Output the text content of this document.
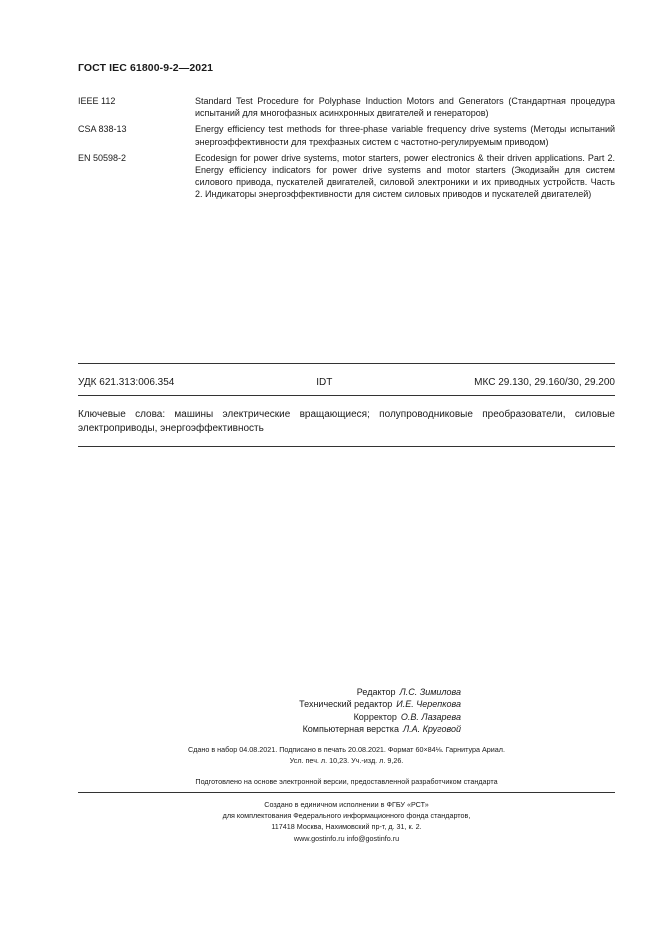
ГОСТ IEC 61800-9-2—2021
IEEE 112	Standard Test Procedure for Polyphase Induction Motors and Generators (Стандартная процедура испытаний для многофазных асинхронных двигателей и генераторов)
CSA 838-13	Energy efficiency test methods for three-phase variable frequency drive systems (Методы испытаний энергоэффективности для трехфазных систем с частотно-регулируемым приводом)
EN 50598-2	Ecodesign for power drive systems, motor starters, power electronics & their driven applications. Part 2. Energy efficiency indicators for power drive systems and motor starters (Экодизайн для систем силового привода, пускателей двигателей, силовой электроники и их приводных устройств. Часть 2. Индикаторы энергоэффективности для систем силовых приводов и пускателей двигателей)
УДК 621.313:006.354	IDT	МКС 29.130, 29.160/30, 29.200
Ключевые слова: машины электрические вращающиеся; полупроводниковые преобразователи, силовые электроприводы, энергоэффективность
Редактор Л.С. Зимилова
Технический редактор И.Е. Черепкова
Корректор О.В. Лазарева
Компьютерная верстка Л.А. Круговой
Сдано в набор 04.08.2021. Подписано в печать 20.08.2021. Формат 60×84⅛. Гарнитура Ариал.
Усл. печ. л. 10,23. Уч.-изд. л. 9,26.
Подготовлено на основе электронной версии, предоставленной разработчиком стандарта
Создано в единичном исполнении в ФГБУ «РСТ»
для комплектования Федерального информационного фонда стандартов,
117418 Москва, Нахимовский пр-т, д. 31, к. 2.
www.gostinfo.ru info@gostinfo.ru
